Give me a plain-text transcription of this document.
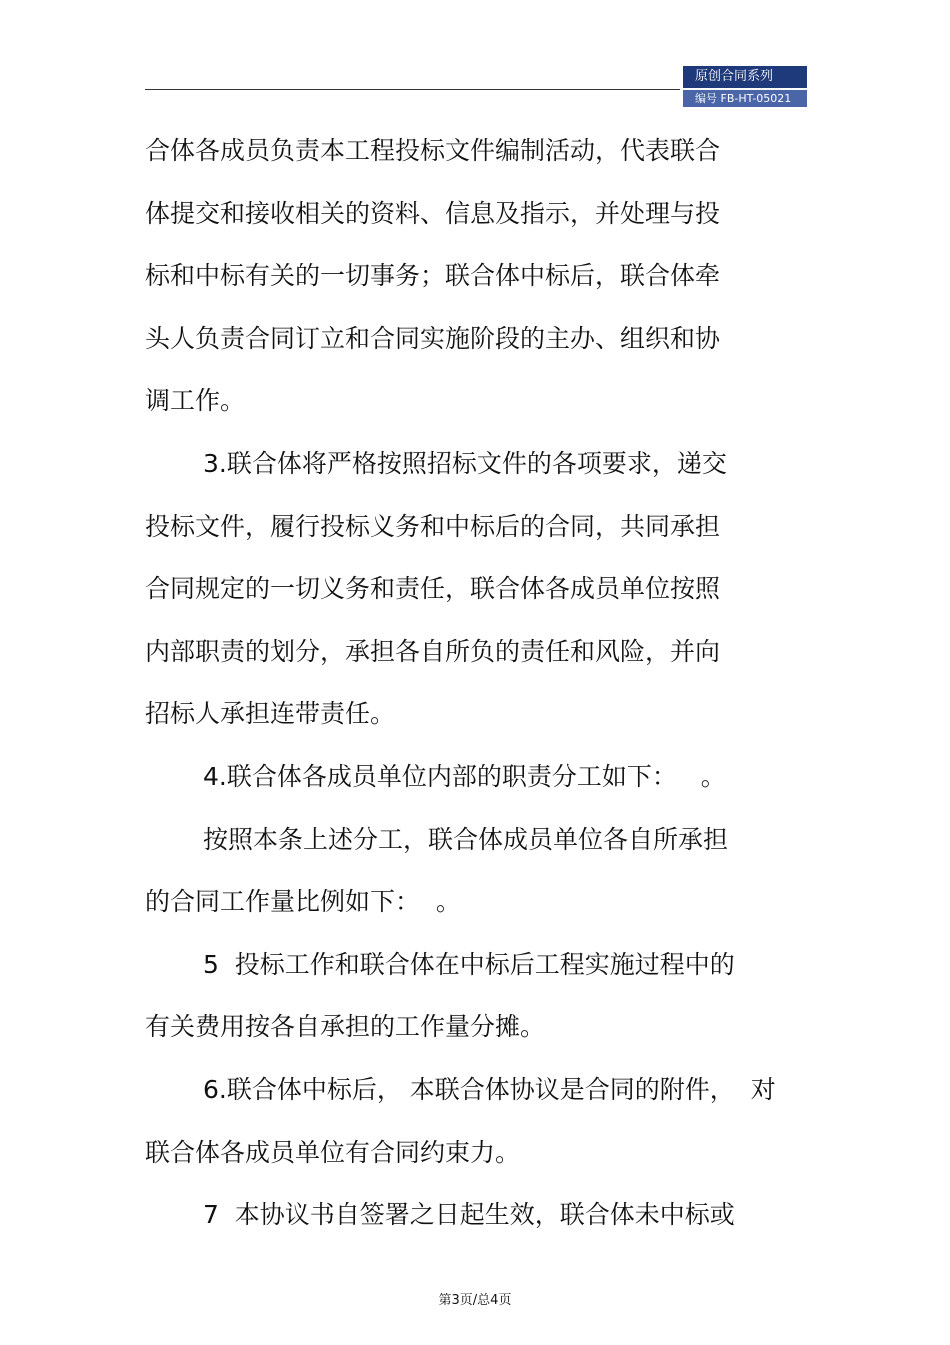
原创合同系列
编号 FB-HT-05021
合体各成员负责本工程投标文件编制活动，代表联合
体提交和接收相关的资料、信息及指示，并处理与投
标和中标有关的一切事务；联合体中标后，联合体牵
头人负责合同订立和合同实施阶段的主办、组织和协
调工作。
3.联合体将严格按照招标文件的各项要求，递交
投标文件，履行投标义务和中标后的合同，共同承担
合同规定的一切义务和责任，联合体各成员单位按照
内部职责的划分，承担各自所负的责任和风险，并向
招标人承担连带责任。
4.联合体各成员单位内部的职责分工如下：   。
按照本条上述分工，联合体成员单位各自所承担
的合同工作量比例如下：  。
5  投标工作和联合体在中标后工程实施过程中的
有关费用按各自承担的工作量分摊。
6.联合体中标后， 本联合体协议是合同的附件，  对
联合体各成员单位有合同约束力。
7  本协议书自签署之日起生效，联合体未中标或
第3页/总4页
